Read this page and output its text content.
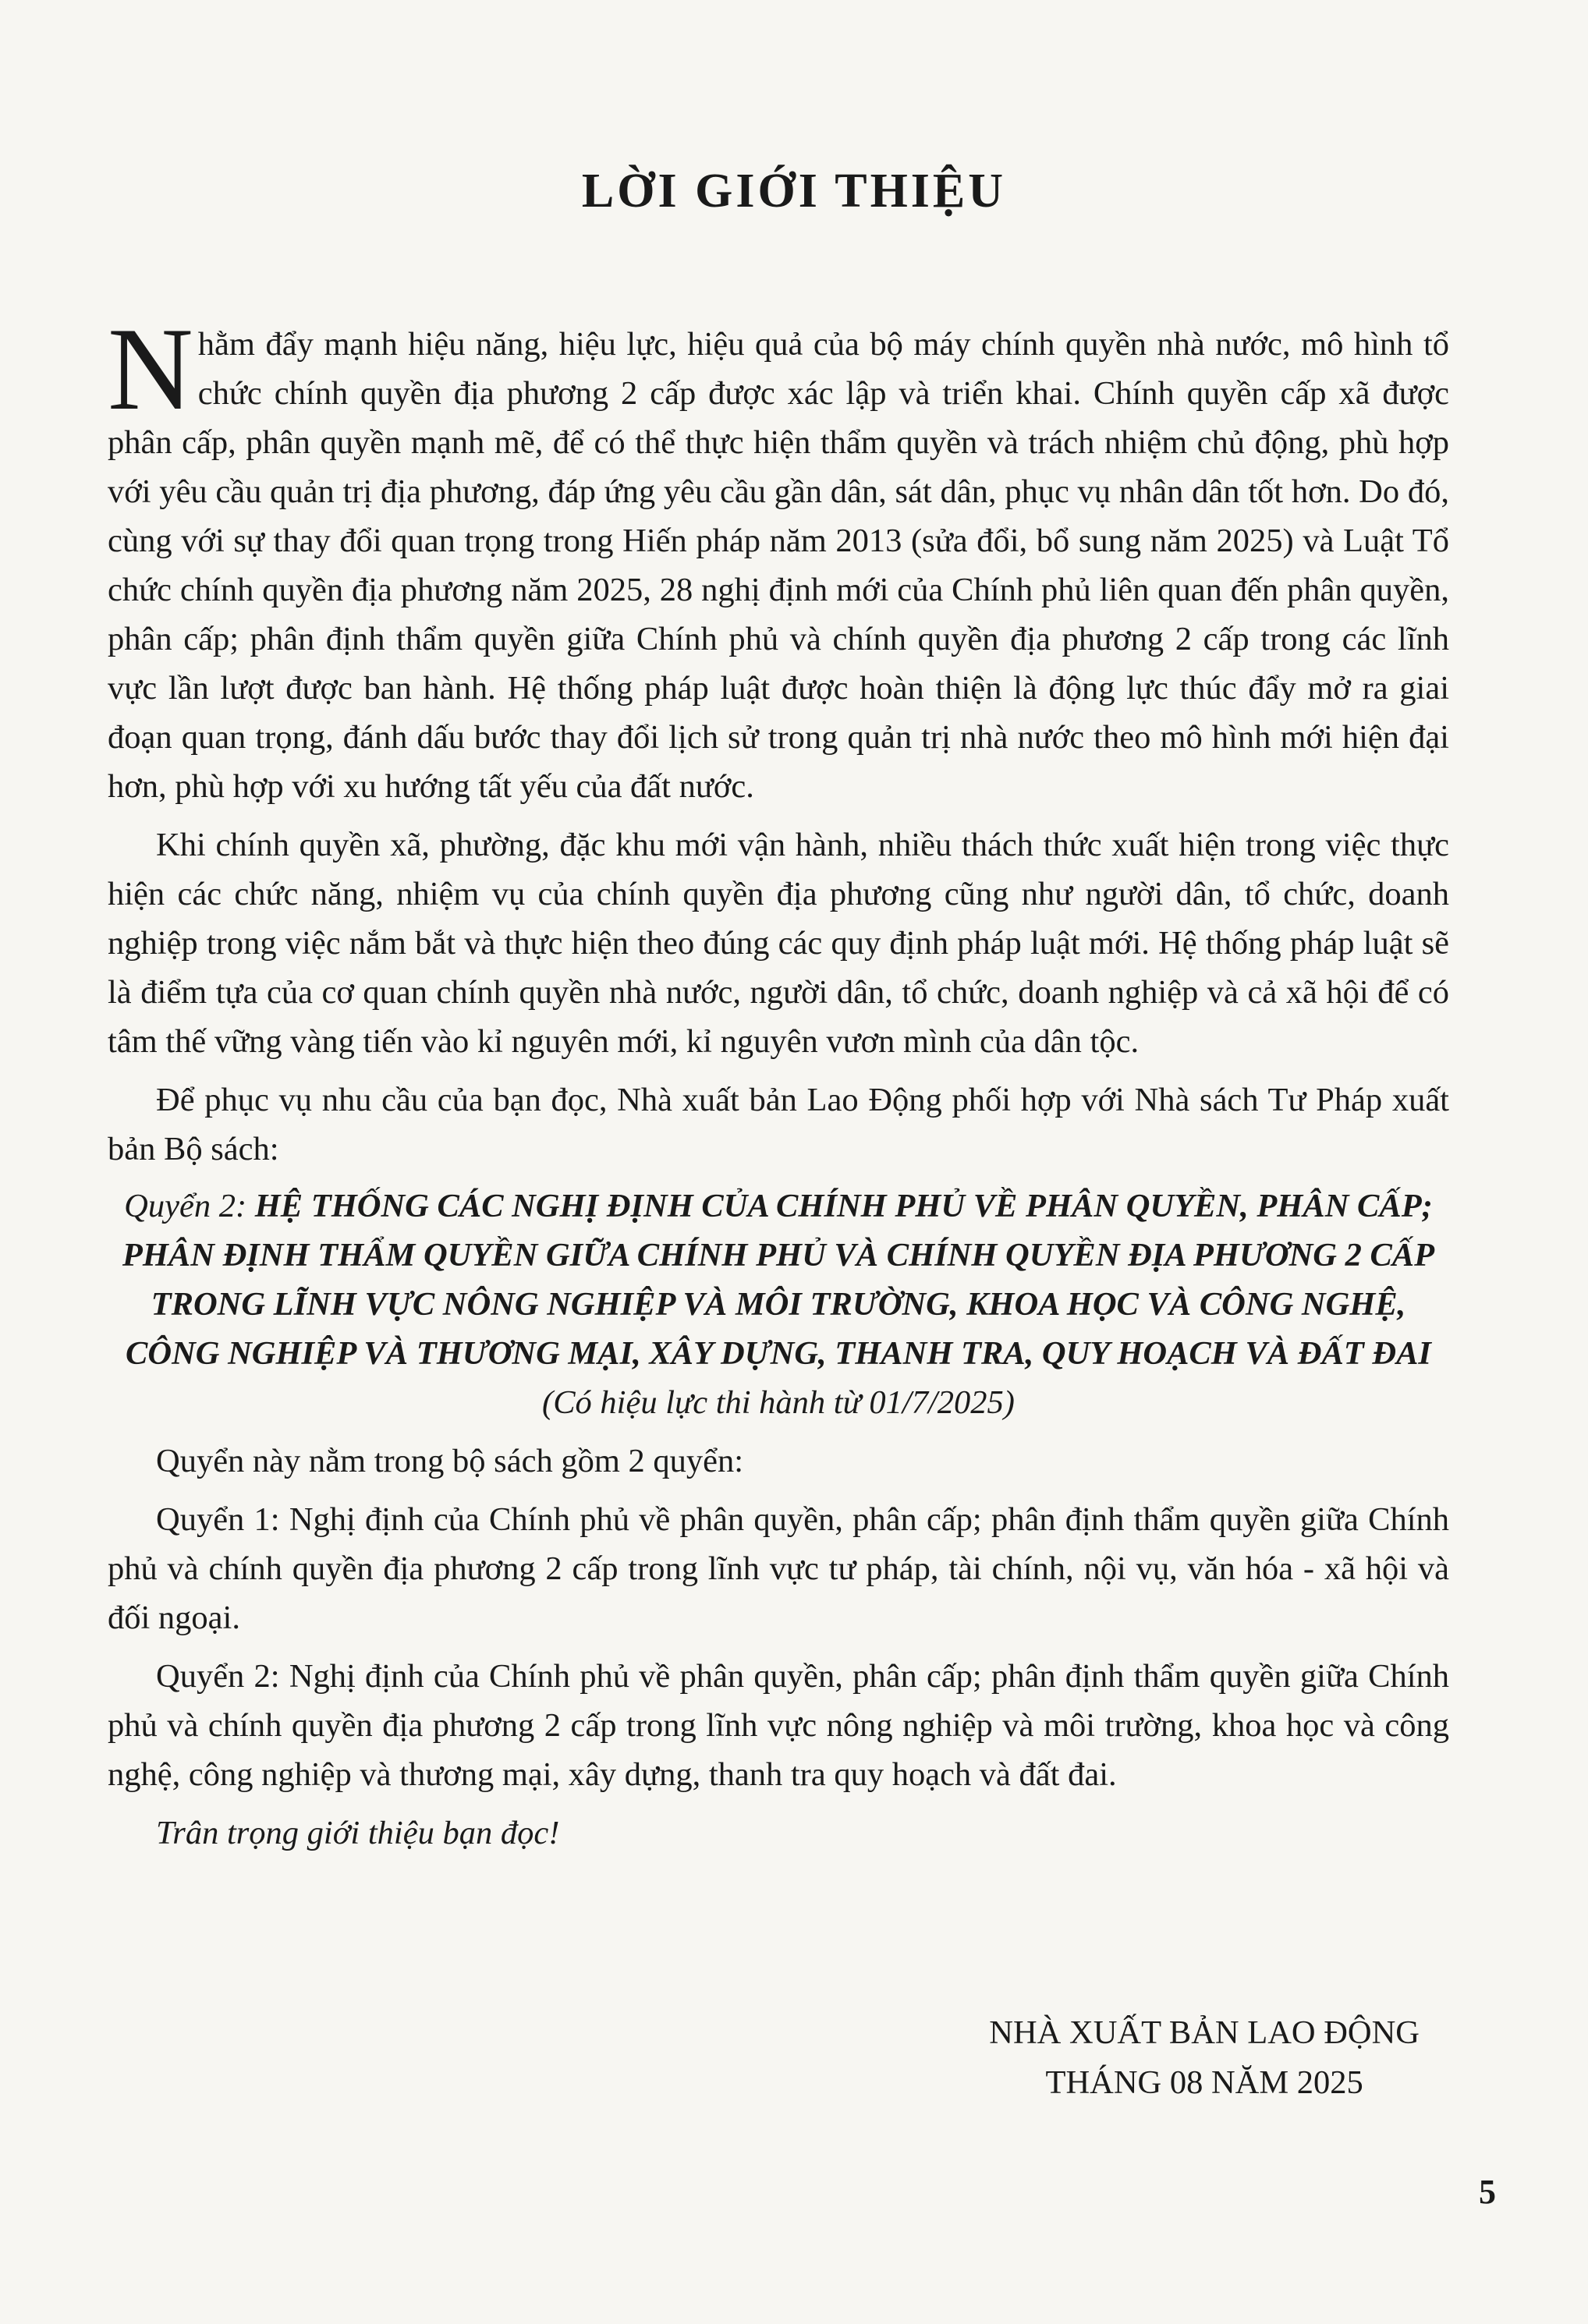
LỜI GIỚI THIỆU

Nhằm đẩy mạnh hiệu năng, hiệu lực, hiệu quả của bộ máy chính quyền nhà nước, mô hình tổ chức chính quyền địa phương 2 cấp được xác lập và triển khai. Chính quyền cấp xã được phân cấp, phân quyền mạnh mẽ, để có thể thực hiện thẩm quyền và trách nhiệm chủ động, phù hợp với yêu cầu quản trị địa phương, đáp ứng yêu cầu gần dân, sát dân, phục vụ nhân dân tốt hơn. Do đó, cùng với sự thay đổi quan trọng trong Hiến pháp năm 2013 (sửa đổi, bổ sung năm 2025) và Luật Tổ chức chính quyền địa phương năm 2025, 28 nghị định mới của Chính phủ liên quan đến phân quyền, phân cấp; phân định thẩm quyền giữa Chính phủ và chính quyền địa phương 2 cấp trong các lĩnh vực lần lượt được ban hành. Hệ thống pháp luật được hoàn thiện là động lực thúc đẩy mở ra giai đoạn quan trọng, đánh dấu bước thay đổi lịch sử trong quản trị nhà nước theo mô hình mới hiện đại hơn, phù hợp với xu hướng tất yếu của đất nước.

Khi chính quyền xã, phường, đặc khu mới vận hành, nhiều thách thức xuất hiện trong việc thực hiện các chức năng, nhiệm vụ của chính quyền địa phương cũng như người dân, tổ chức, doanh nghiệp trong việc nắm bắt và thực hiện theo đúng các quy định pháp luật mới. Hệ thống pháp luật sẽ là điểm tựa của cơ quan chính quyền nhà nước, người dân, tổ chức, doanh nghiệp và cả xã hội để có tâm thế vững vàng tiến vào kỉ nguyên mới, kỉ nguyên vươn mình của dân tộc.

Để phục vụ nhu cầu của bạn đọc, Nhà xuất bản Lao Động phối hợp với Nhà sách Tư Pháp xuất bản Bộ sách:

Quyển 2: HỆ THỐNG CÁC NGHỊ ĐỊNH CỦA CHÍNH PHỦ VỀ PHÂN QUYỀN, PHÂN CẤP;
PHÂN ĐỊNH THẨM QUYỀN GIỮA CHÍNH PHỦ VÀ CHÍNH QUYỀN ĐỊA PHƯƠNG 2 CẤP
TRONG LĨNH VỰC NÔNG NGHIỆP VÀ MÔI TRƯỜNG, KHOA HỌC VÀ CÔNG NGHỆ,
CÔNG NGHIỆP VÀ THƯƠNG MẠI, XÂY DỰNG, THANH TRA, QUY HOẠCH VÀ ĐẤT ĐAI

(Có hiệu lực thi hành từ 01/7/2025)

Quyển này nằm trong bộ sách gồm 2 quyển:

Quyển 1: Nghị định của Chính phủ về phân quyền, phân cấp; phân định thẩm quyền giữa Chính phủ và chính quyền địa phương 2 cấp trong lĩnh vực tư pháp, tài chính, nội vụ, văn hóa - xã hội và đối ngoại.

Quyển 2: Nghị định của Chính phủ về phân quyền, phân cấp; phân định thẩm quyền giữa Chính phủ và chính quyền địa phương 2 cấp trong lĩnh vực nông nghiệp và môi trường, khoa học và công nghệ, công nghiệp và thương mại, xây dựng, thanh tra quy hoạch và đất đai.

Trân trọng giới thiệu bạn đọc!

NHÀ XUẤT BẢN LAO ĐỘNG
THÁNG 08 NĂM 2025
5
